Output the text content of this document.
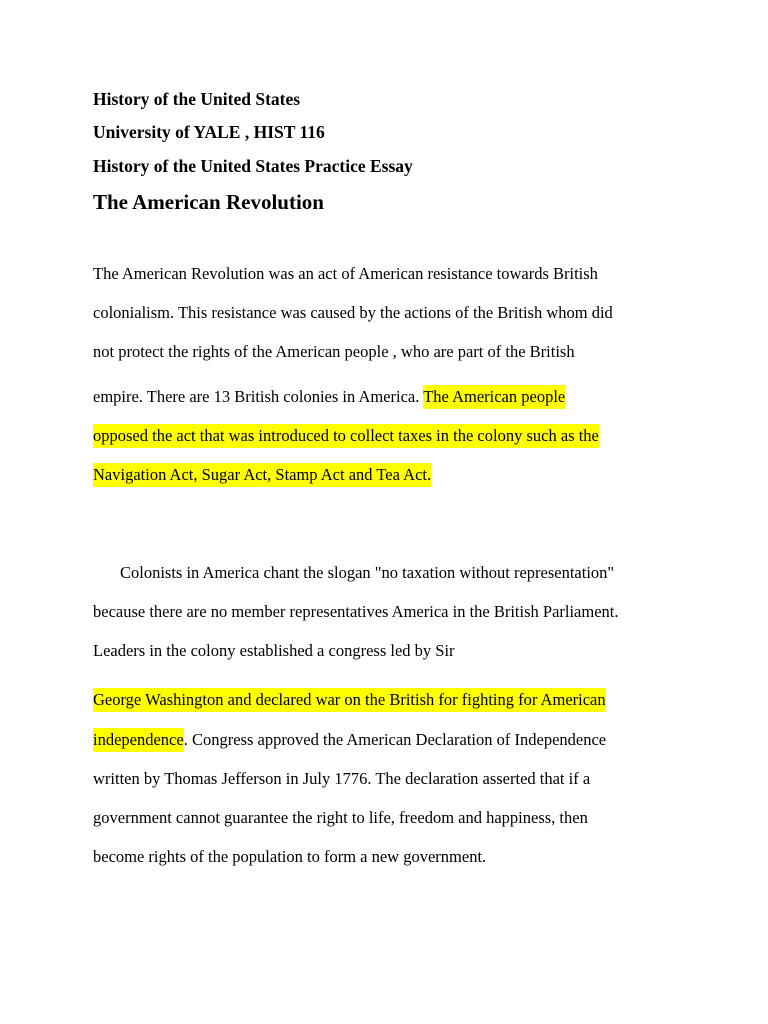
History of the United States
University of YALE , HIST 116
History of the United States Practice Essay
The American Revolution
The American Revolution was an act of American resistance towards British
colonialism. This resistance was caused by the actions of the British whom did
not protect the rights of the American people , who are part of the British
empire. There are 13 British colonies in America. The American people
opposed the act that was introduced to collect taxes in the colony such as the
Navigation Act, Sugar Act, Stamp Act and Tea Act.
Colonists in America chant the slogan "no taxation without representation"
because there are no member representatives America in the British Parliament.
Leaders in the colony established a congress led by Sir
George Washington and declared war on the British for fighting for American
independence. Congress approved the American Declaration of Independence
written by Thomas Jefferson in July 1776. The declaration asserted that if a
government cannot guarantee the right to life, freedom and happiness, then
become rights of the population to form a new government.
